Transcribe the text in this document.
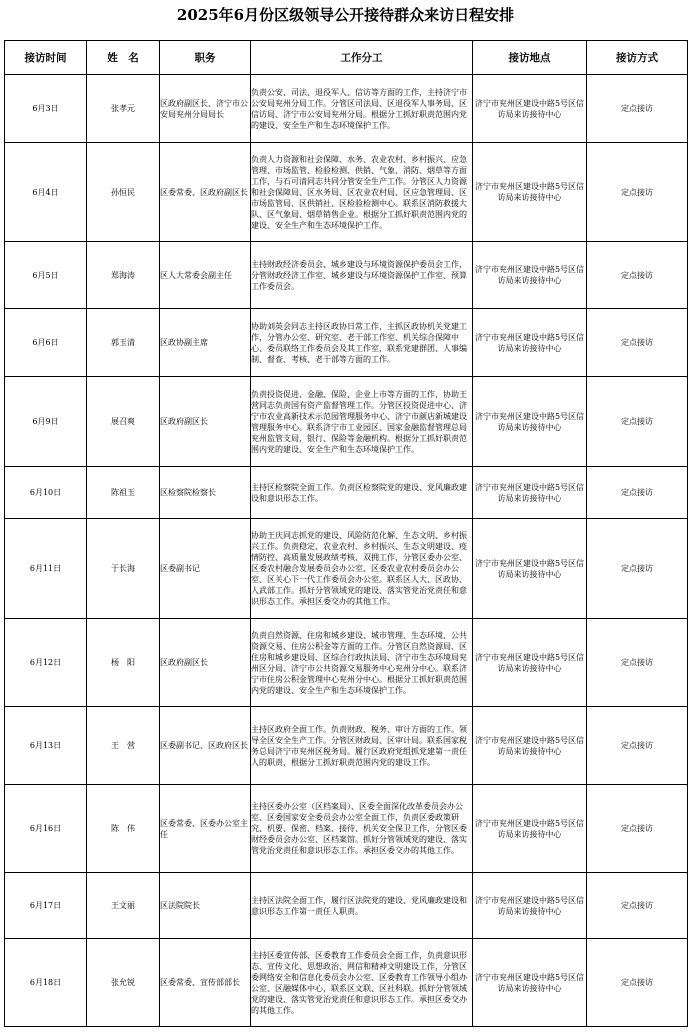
2025年6月份区级领导公开接待群众来访日程安排
接访时间	姓　名	职务	工作分工	接访地点	接访方式
6月3日	张孝元	区政府副区长、济宁市公安局兖州分局局长	负责公安、司法、退役军人、信访等方面的工作，主持济宁市公安局兖州分局工作。分管区司法局、区退役军人事务局、区信访局、济宁市公安局兖州分局。根据分工抓好职责范围内党的建设、安全生产和生态环境保护工作。	济宁市兖州区建设中路5号区信访局来访接待中心	定点接访
6月4日	孙恒民	区委常委、区政府副区长	负责人力资源和社会保障、水务、农业农村、乡村振兴、应急管理、市场监管、检验检测、供销、气象、消防、烟草等方面工作，与石可清同志共同分管安全生产工作。分管区人力资源和社会保障局、区水务局、区农业农村局、区应急管理局、区市场监管局、区供销社、区检验检测中心。联系区消防救援大队、区气象局、烟草销售企业。根据分工抓好职责范围内党的建设、安全生产和生态环境保护工作。	济宁市兖州区建设中路5号区信访局来访接待中心	定点接访
6月5日	郑海涛	区人大常委会副主任	主持财政经济委员会、城乡建设与环境资源保护委员会工作，分管财政经济工作室、城乡建设与环境资源保护工作室、预算工作委员会。	济宁市兖州区建设中路5号区信访局来访接待中心	定点接访
6月6日	郭玉清	区政协副主席	协助刘英会同志主持区政协日常工作，主抓区政协机关党建工作，分管办公室、研究室、老干部工作室、机关综合保障中心、委员联络工作委员会及其工作室，联系党建群团、人事编制、督查、考核、老干部等方面的工作。	济宁市兖州区建设中路5号区信访局来访接待中心	定点接访
6月9日	展召爽	区政府副区长	负责投资促进、金融、保险、企业上市等方面的工作，协助王营同志负责国有资产监督管理工作。分管区投资促进中心、济宁市农业高新技术示范园管理服务中心、济宁市颜店新城建设管理服务中心。联系济宁市工业园区、国家金融监督管理总局兖州监管支局，银行、保险等金融机构。根据分工抓好职责范围内党的建设、安全生产和生态环境保护工作。	济宁市兖州区建设中路5号区信访局来访接待中心	定点接访
6月10日	陈祖玉	区检察院检察长	主持区检察院全面工作。负责区检察院党的建设、党风廉政建设和意识形态工作。	济宁市兖州区建设中路5号区信访局来访接待中心	定点接访
6月11日	于长海	区委副书记	协助王庆同志抓党的建设、风险防范化解、生态文明、乡村振兴工作。负责稳定、农业农村、乡村振兴、生态文明建设、疫情防控、高质量发展政绩考核、双拥工作，分管区委办公室、区委农村融合发展委员会办公室、区委农业农村委员会办公室、区关心下一代工作委员会办公室。联系区人大、区政协、人武部工作。抓好分管领域党的建设、落实管党治党责任和意识形态工作。承担区委交办的其他工作。	济宁市兖州区建设中路5号区信访局来访接待中心	定点接访
6月12日	杨　阳	区政府副区长	负责自然资源、住房和城乡建设、城市管理、生态环境、公共资源交易、住房公积金等方面的工作。分管区自然资源局、区住房和城乡建设局、区综合行政执法局、济宁市生态环境局兖州区分局、济宁市公共资源交易服务中心兖州分中心。联系济宁市住房公积金管理中心兖州分中心。根据分工抓好职责范围内党的建设、安全生产和生态环境保护工作。	济宁市兖州区建设中路5号区信访局来访接待中心	定点接访
6月13日	王　营	区委副书记、区政府区长	主持区政府全面工作。负责财政、税务、审计方面的工作。领导全区安全生产工作。分管区财政局、区审计局。联系国家税务总局济宁市兖州区税务局。履行区政府党组抓党建第一责任人的职责，根据分工抓好职责范围内党的建设工作。	济宁市兖州区建设中路5号区信访局来访接待中心	定点接访
6月16日	陈　伟	区委常委、区委办公室主任	主持区委办公室（区档案局）、区委全面深化改革委员会办公室、区委国家安全委员会办公室全面工作，负责区委政策研究、机要、保密、档案、接待、机关安全保卫工作，分管区委财经委员会办公室、区档案馆。抓好分管领域党的建设、落实管党治党责任和意识形态工作。承担区委交办的其他工作。	济宁市兖州区建设中路5号区信访局来访接待中心	定点接访
6月17日	王文丽	区法院院长	主持区法院全面工作，履行区法院党的建设、党风廉政建设和意识形态工作第一责任人职责。	济宁市兖州区建设中路5号区信访局来访接待中心	定点接访
6月18日	张允锐	区委常委、宣传部部长	主持区委宣传部、区委教育工作委员会全面工作，负责意识形态、宣传文化、思想政治、网信和精神文明建设工作，分管区委网络安全和信息化委员会办公室、区委教育工作领导小组办公室、区融媒体中心，联系区文联、区社科联。抓好分管领域党的建设、落实管党治党责任和意识形态工作。承担区委交办的其他工作。	济宁市兖州区建设中路5号区信访局来访接待中心	定点接访
